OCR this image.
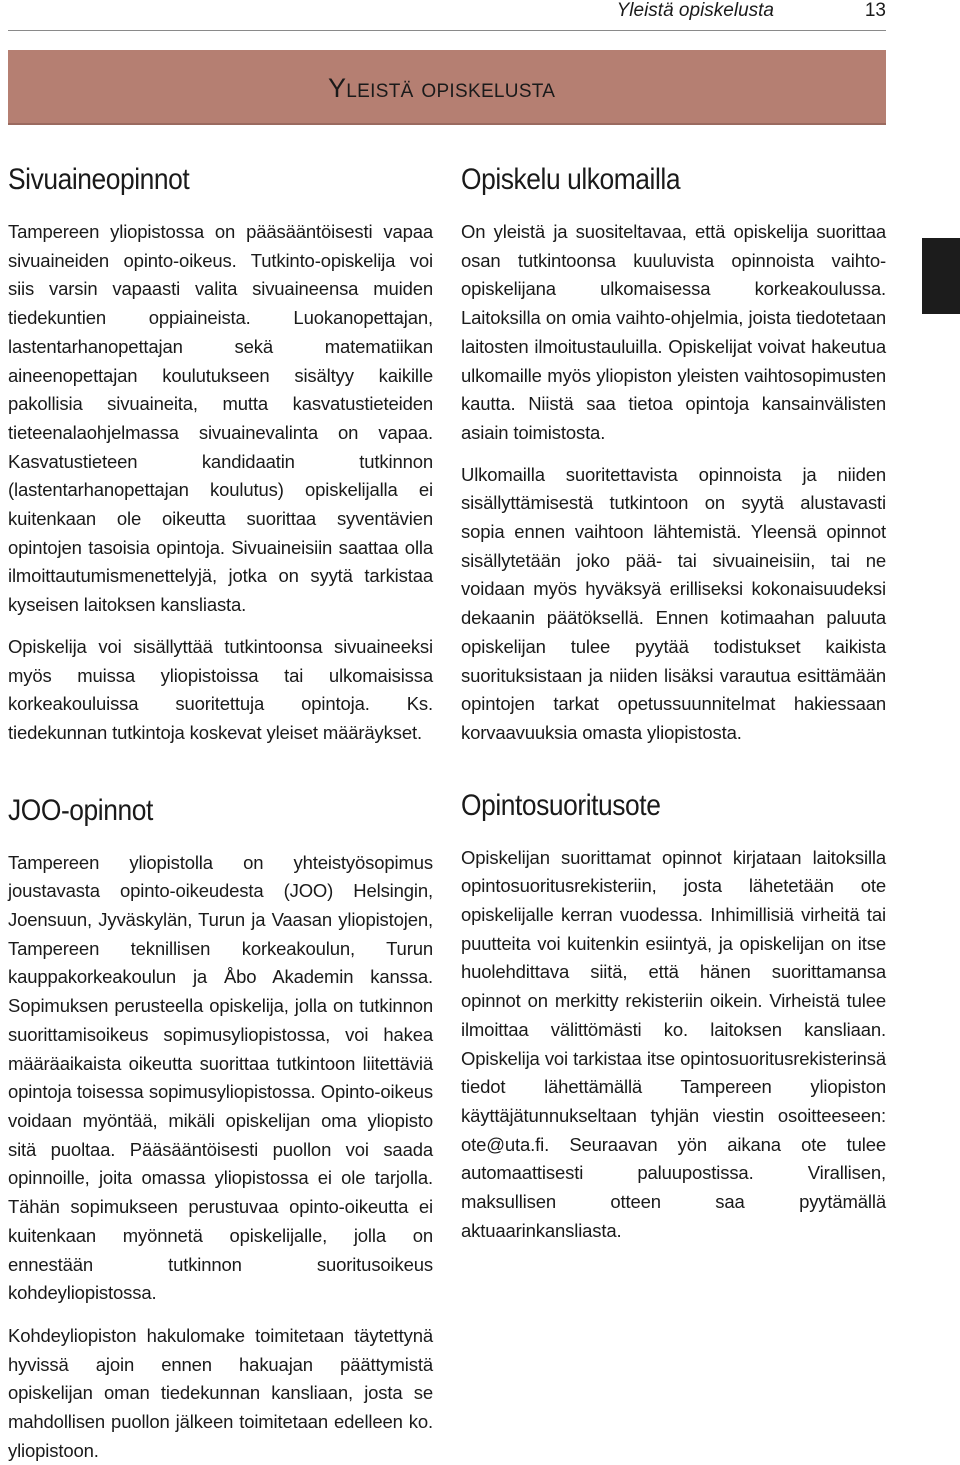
Yleistä opiskelusta	13
Yleistä opiskelusta
Sivuaineopinnot

Tampereen yliopistossa on pääsääntöisesti vapaa sivuaineiden opinto-oikeus. Tutkinto-opiskelija voi siis varsin vapaasti valita sivuaineensa muiden tiedekuntien oppiaineista. Luokanopettajan, lastentarhanopettajan sekä matematiikan aineenopettajan koulutukseen sisältyy kaikille pakollisia sivuaineita, mutta kasvatustieteiden tieteenalaohjelmassa sivuainevalinta on vapaa. Kasvatustieteen kandidaatin tutkinnon (lastentarhanopettajan koulutus) opiskelijalla ei kuitenkaan ole oikeutta suorittaa syventävien opintojen tasoisia opintoja. Sivuaineisiin saattaa olla ilmoittautumismenettelyjä, jotka on syytä tarkistaa kyseisen laitoksen kansliasta.

Opiskelija voi sisällyttää tutkintoonsa sivuaineeksi myös muissa yliopistoissa tai ulkomaisissa korkeakouluissa suoritettuja opintoja. Ks. tiedekunnan tutkintoja koskevat yleiset määräykset.

JOO-opinnot

Tampereen yliopistolla on yhteistyösopimus joustavasta opinto-oikeudesta (JOO) Helsingin, Joensuun, Jyväskylän, Turun ja Vaasan yliopistojen, Tampereen teknillisen korkeakoulun, Turun kauppakorkeakoulun ja Åbo Akademin kanssa. Sopimuksen perusteella opiskelija, jolla on tutkinnon suorittamisoikeus sopimusyliopistossa, voi hakea määräaikaista oikeutta suorittaa tutkintoon liitettäviä opintoja toisessa sopimusyliopistossa. Opinto-oikeus voidaan myöntää, mikäli opiskelijan oma yliopisto sitä puoltaa. Pääsääntöisesti puollon voi saada opinnoille, joita omassa yliopistossa ei ole tarjolla. Tähän sopimukseen perustuvaa opinto-oikeutta ei kuitenkaan myönnetä opiskelijalle, jolla on ennestään tutkinnon suoritusoikeus kohdeyliopistossa.

Kohdeyliopiston hakulomake toimitetaan täytettynä hyvissä ajoin ennen hakuajan päättymistä opiskelijan oman tiedekunnan kansliaan, josta se mahdollisen puollon jälkeen toimitetaan edelleen ko. yliopistoon.

Opiskelu ulkomailla

On yleistä ja suositeltavaa, että opiskelija suorittaa osan tutkintoonsa kuuluvista opinnoista vaihto-opiskelijana ulkomaisessa korkeakoulussa. Laitoksilla on omia vaihto-ohjelmia, joista tiedotetaan laitosten ilmoitustauluilla. Opiskelijat voivat hakeutua ulkomaille myös yliopiston yleisten vaihtosopimusten kautta. Niistä saa tietoa opintoja kansainvälisten asiain toimistosta.

Ulkomailla suoritettavista opinnoista ja niiden sisällyttämisestä tutkintoon on syytä alustavasti sopia ennen vaihtoon lähtemistä. Yleensä opinnot sisällytetään joko pää- tai sivuaineisiin, tai ne voidaan myös hyväksyä erilliseksi kokonaisuudeksi dekaanin päätöksellä. Ennen kotimaahan paluuta opiskelijan tulee pyytää todistukset kaikista suorituksistaan ja niiden lisäksi varautua esittämään opintojen tarkat opetussuunnitelmat hakiessaan korvaavuuksia omasta yliopistosta.

Opintosuoritusote

Opiskelijan suorittamat opinnot kirjataan laitoksilla opintosuoritusrekisteriin, josta lähetetään ote opiskelijalle kerran vuodessa. Inhimillisiä virheitä tai puutteita voi kuitenkin esiintyä, ja opiskelijan on itse huolehdittava siitä, että hänen suorittamansa opinnot on merkitty rekisteriin oikein. Virheistä tulee ilmoittaa välittömästi ko. laitoksen kansliaan. Opiskelija voi tarkistaa itse opintosuoritusrekisterinsä tiedot lähettämällä Tampereen yliopiston käyttäjätunnukseltaan tyhjän viestin osoitteeseen: ote@uta.fi. Seuraavan yön aikana ote tulee automaattisesti paluupostissa. Virallisen, maksullisen otteen saa pyytämällä aktuaarinkansliasta.
